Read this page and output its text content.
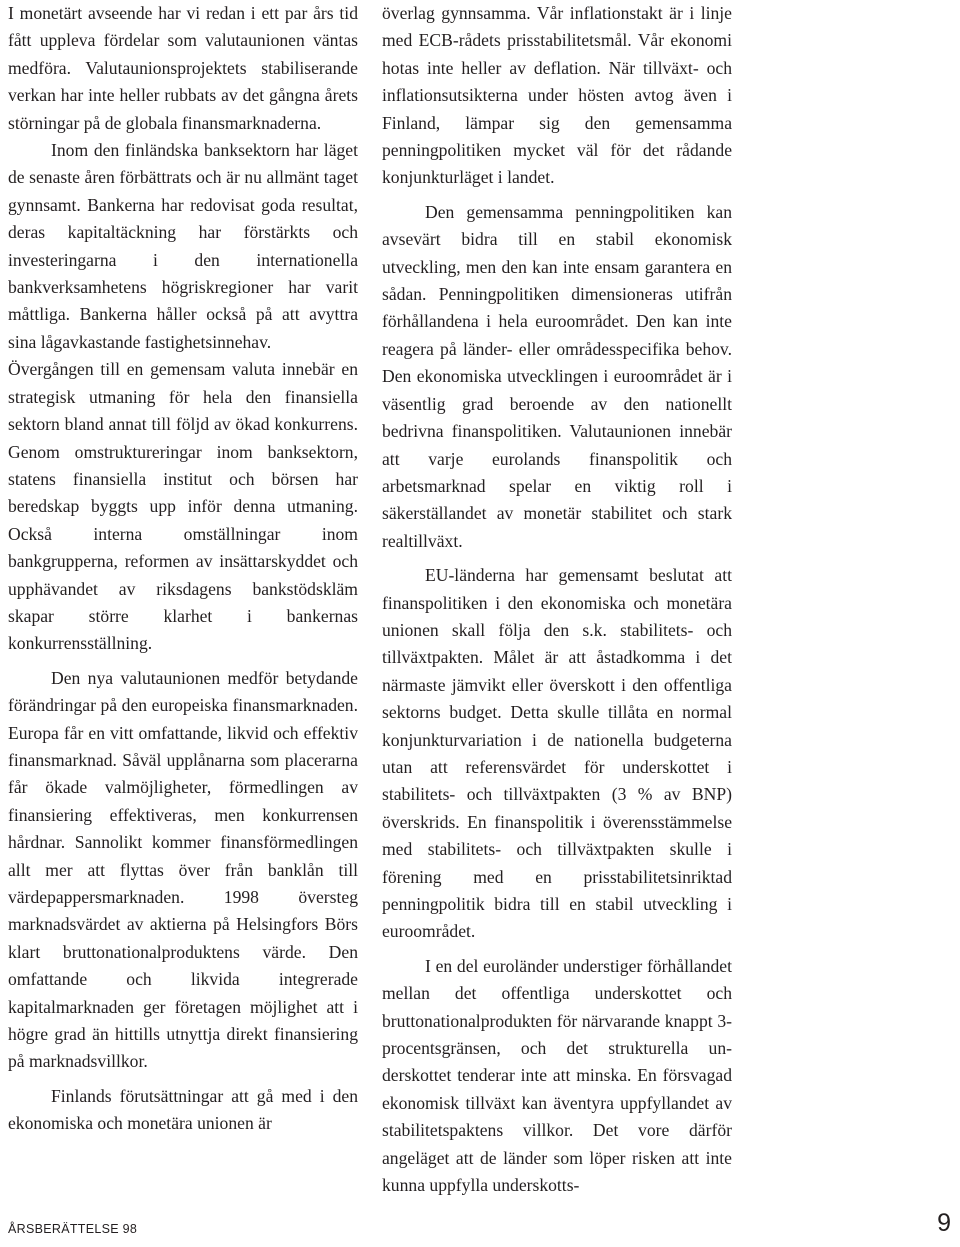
I monetärt avseende har vi redan i ett par års tid fått uppleva fördelar som valutaunionen väntas medföra. Valutaunionsprojektets stabiliserande verkan har inte heller rubbats av det gångna årets störningar på de globala finansmarknaderna.

Inom den finländska banksektorn har läget de senaste åren förbättrats och är nu allmänt taget gynnsamt. Bankerna har redovisat goda resultat, deras kapitaltäckning har förstärkts och investeringarna i den internationella bankverksamhetens högriskregioner har varit måttliga. Bankerna håller också på att avyttra sina lågavkastande fastighetsinnehav.

Övergången till en gemensam valuta innebär en strategisk utmaning för hela den finansiella sektorn bland annat till följd av ökad konkurrens. Genom omstruktureringar inom banksektorn, statens finansiella institut och börsen har beredskap byggts upp inför denna utmaning. Också interna omställningar inom bankgrupperna, reformen av insättarskyddet och upphävandet av riksdagens bankstödskläm skapar större klarhet i bankernas konkurrensställning.

Den nya valutaunionen medför betydande förändringar på den europeiska finansmarknaden. Europa får en vitt omfattande, likvid och effektiv finansmarknad. Såväl upplånarna som placerarna får ökade valmöjligheter, förmedlingen av finansiering effektiveras, men konkurrensen hårdnar. Sannolikt kommer finansförmedlingen allt mer att flyttas över från banklån till värdepappersmarknaden. 1998 översteg marknadsvärdet av aktierna på Helsingfors Börs klart bruttonationalproduktens värde. Den omfattande och likvida integrerade kapitalmarknaden ger företagen möjlighet att i högre grad än hittills utnyttja direkt finansiering på marknadsvillkor.

Finlands förutsättningar att gå med i den ekonomiska och monetära unionen är

överlag gynnsamma. Vår inflationstakt är i linje med ECB-rådets prisstabilitetsmål. Vår ekonomi hotas inte heller av deflation. När tillväxt- och inflationsutsikterna under hösten avtog även i Finland, lämpar sig den gemensamma penningpolitiken mycket väl för det rådande konjunkturläget i landet.

Den gemensamma penningpolitiken kan avsevärt bidra till en stabil ekonomisk utveckling, men den kan inte ensam garantera en sådan. Penningpolitiken dimensioneras utifrån förhållandena i hela euroområdet. Den kan inte reagera på länder- eller områdesspecifika behov. Den ekonomiska utvecklingen i euroområdet är i väsentlig grad beroende av den nationellt bedrivna finanspolitiken. Valutaunionen innebär att varje eurolands finanspolitik och arbetsmarknad spelar en viktig roll i säkerställandet av monetär stabilitet och stark realtillväxt.

EU-länderna har gemensamt beslutat att finanspolitiken i den ekonomiska och monetära unionen skall följa den s.k. stabilitets- och tillväxtpakten. Målet är att åstadkomma i det närmaste jämvikt eller överskott i den offentliga sektorns budget. Detta skulle tillåta en normal konjunkturvariation i de nationella budgeterna utan att referensvärdet för underskottet i stabilitets- och tillväxtpakten (3 % av BNP) överskrids. En finanspolitik i överensstämmelse med stabilitets- och tillväxtpakten skulle i förening med en prisstabilitetsinriktad penningpolitik bidra till en stabil utveckling i euroområdet.

I en del euroländer understiger förhållandet mellan det offentliga underskottet och bruttonationalprodukten för närvarande knappt 3-procentsgränsen, och det strukturella underskottet tenderar inte att minska. En försvagad ekonomisk tillväxt kan äventyra uppfyllandet av stabilitetspaktens villkor. Det vore därför angeläget att de länder som löper risken att inte kunna uppfylla underskotts-

ÅRSBERÄTTELSE 98	9
